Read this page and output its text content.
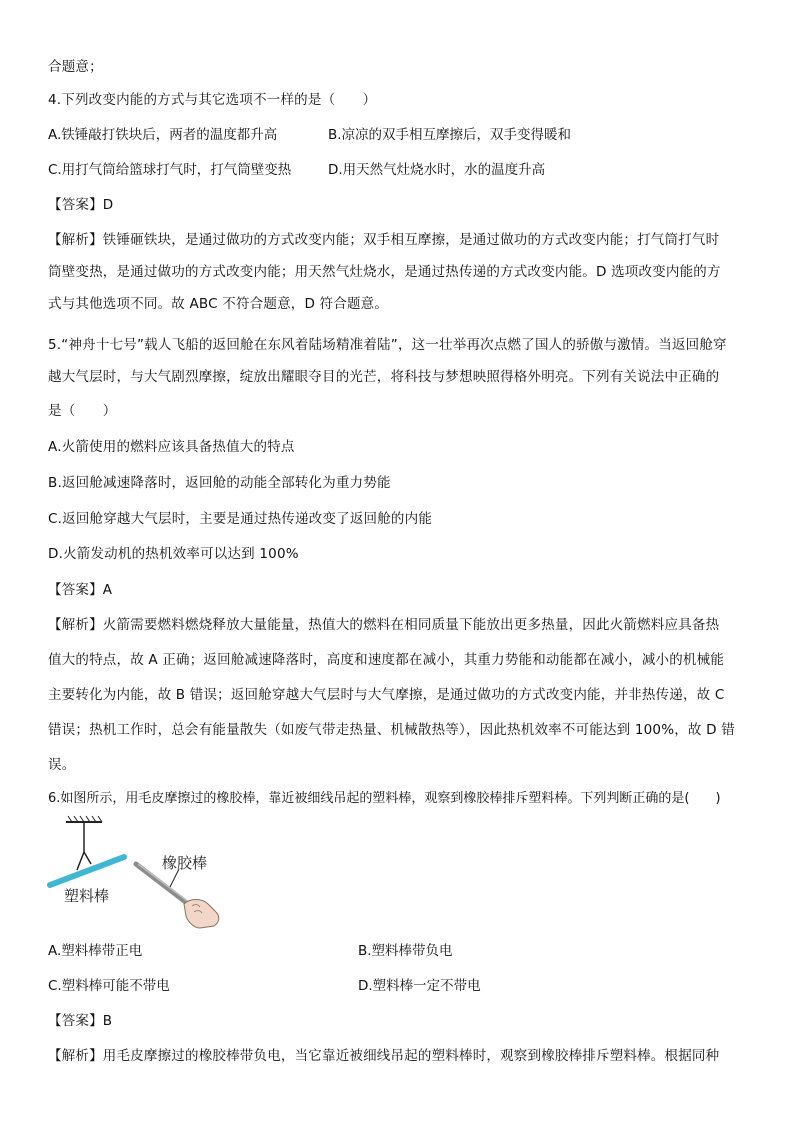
合题意；
4.下列改变内能的方式与其它选项不一样的是（　　）
A.铁锤敲打铁块后，两者的温度都升高	B.凉凉的双手相互摩擦后，双手变得暖和
C.用打气筒给篮球打气时，打气筒壁变热	D.用天然气灶烧水时，水的温度升高
【答案】D
【解析】铁锤砸铁块，是通过做功的方式改变内能；双手相互摩擦，是通过做功的方式改变内能；打气筒打气时
筒壁变热，是通过做功的方式改变内能；用天然气灶烧水，是通过热传递的方式改变内能。D 选项改变内能的方
式与其他选项不同。故 ABC 不符合题意，D 符合题意。
5.“神舟十七号”载人飞船的返回舱在东风着陆场精准着陆”，这一壮举再次点燃了国人的骄傲与激情。当返回舱穿
越大气层时，与大气剧烈摩擦，绽放出耀眼夺目的光芒，将科技与梦想映照得格外明亮。下列有关说法中正确的
是（　　）
A.火箭使用的燃料应该具备热值大的特点
B.返回舱减速降落时，返回舱的动能全部转化为重力势能
C.返回舱穿越大气层时，主要是通过热传递改变了返回舱的内能
D.火箭发动机的热机效率可以达到 100%
【答案】A
【解析】火箭需要燃料燃烧释放大量能量，热值大的燃料在相同质量下能放出更多热量，因此火箭燃料应具备热
值大的特点，故 A 正确；返回舱减速降落时，高度和速度都在减小，其重力势能和动能都在减小，减小的机械能
主要转化为内能，故 B 错误；返回舱穿越大气层时与大气摩擦，是通过做功的方式改变内能，并非热传递，故 C
错误；热机工作时，总会有能量散失（如废气带走热量、机械散热等），因此热机效率不可能达到 100%，故 D 错
误。
6.如图所示，用毛皮摩擦过的橡胶棒，靠近被细线吊起的塑料棒，观察到橡胶棒排斥塑料棒。下列判断正确的是(　　)
橡胶棒
塑料棒
A.塑料棒带正电	B.塑料棒带负电
C.塑料棒可能不带电	D.塑料棒一定不带电
【答案】B
【解析】用毛皮摩擦过的橡胶棒带负电，当它靠近被细线吊起的塑料棒时，观察到橡胶棒排斥塑料棒。根据同种
